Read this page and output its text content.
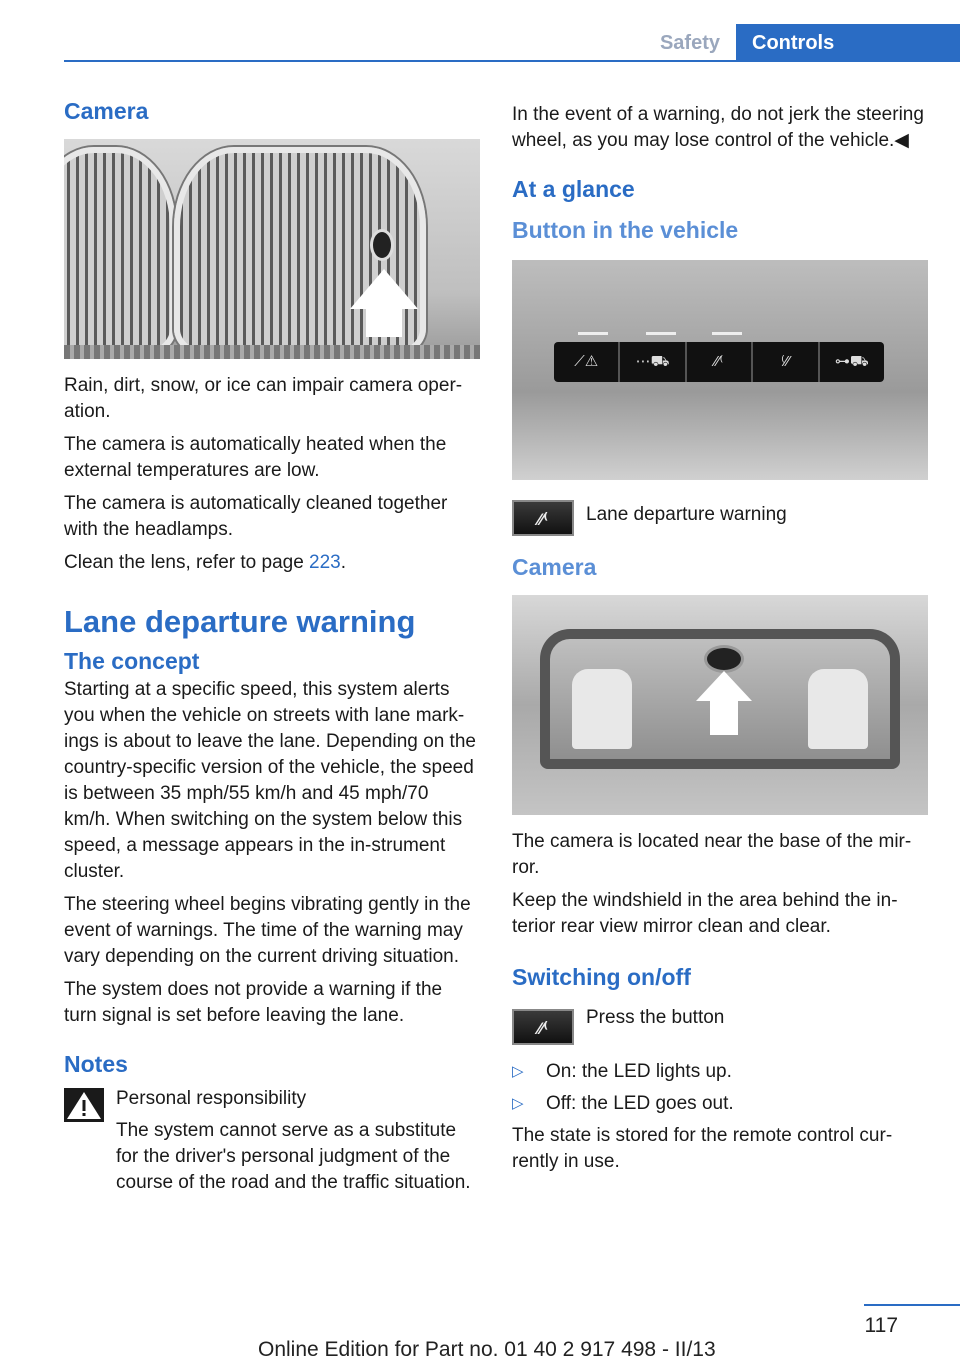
Safety	Controls
Camera

Rain, dirt, snow, or ice can impair camera oper‐ation.

The camera is automatically heated when the external temperatures are low.

The camera is automatically cleaned together with the headlamps.

Clean the lens, refer to page 223.

Lane departure warning
The concept

Starting at a specific speed, this system alerts you when the vehicle on streets with lane mark‐ings is about to leave the lane. Depending on the country-specific version of the vehicle, the speed is between 35 mph/55 km/h and 45 mph/70 km/h. When switching on the system below this speed, a message appears in the in‐strument cluster.

The steering wheel begins vibrating gently in the event of warnings. The time of the warning may vary depending on the current driving situation.

The system does not provide a warning if the turn signal is set before leaving the lane.

Notes

Personal responsibility

The system cannot serve as a substitute for the driver's personal judgment of the course of the road and the traffic situation.

In the event of a warning, do not jerk the steering wheel, as you may lose control of the vehicle.◀

At a glance
Button in the vehicle
⟋⚠	⋯⛟	⁄⁄⁽	⁽⁄⁄	⊶⛟
⁄⁄⁽	Lane departure warning

Camera

The camera is located near the base of the mir‐ror.

Keep the windshield in the area behind the in‐terior rear view mirror clean and clear.

Switching on/off
⁄⁄⁽

Press the button

▷ On: the LED lights up.
▷ Off: the LED goes out.

The state is stored for the remote control cur‐rently in use.

117
Online Edition for Part no. 01 40 2 917 498 - II/13
